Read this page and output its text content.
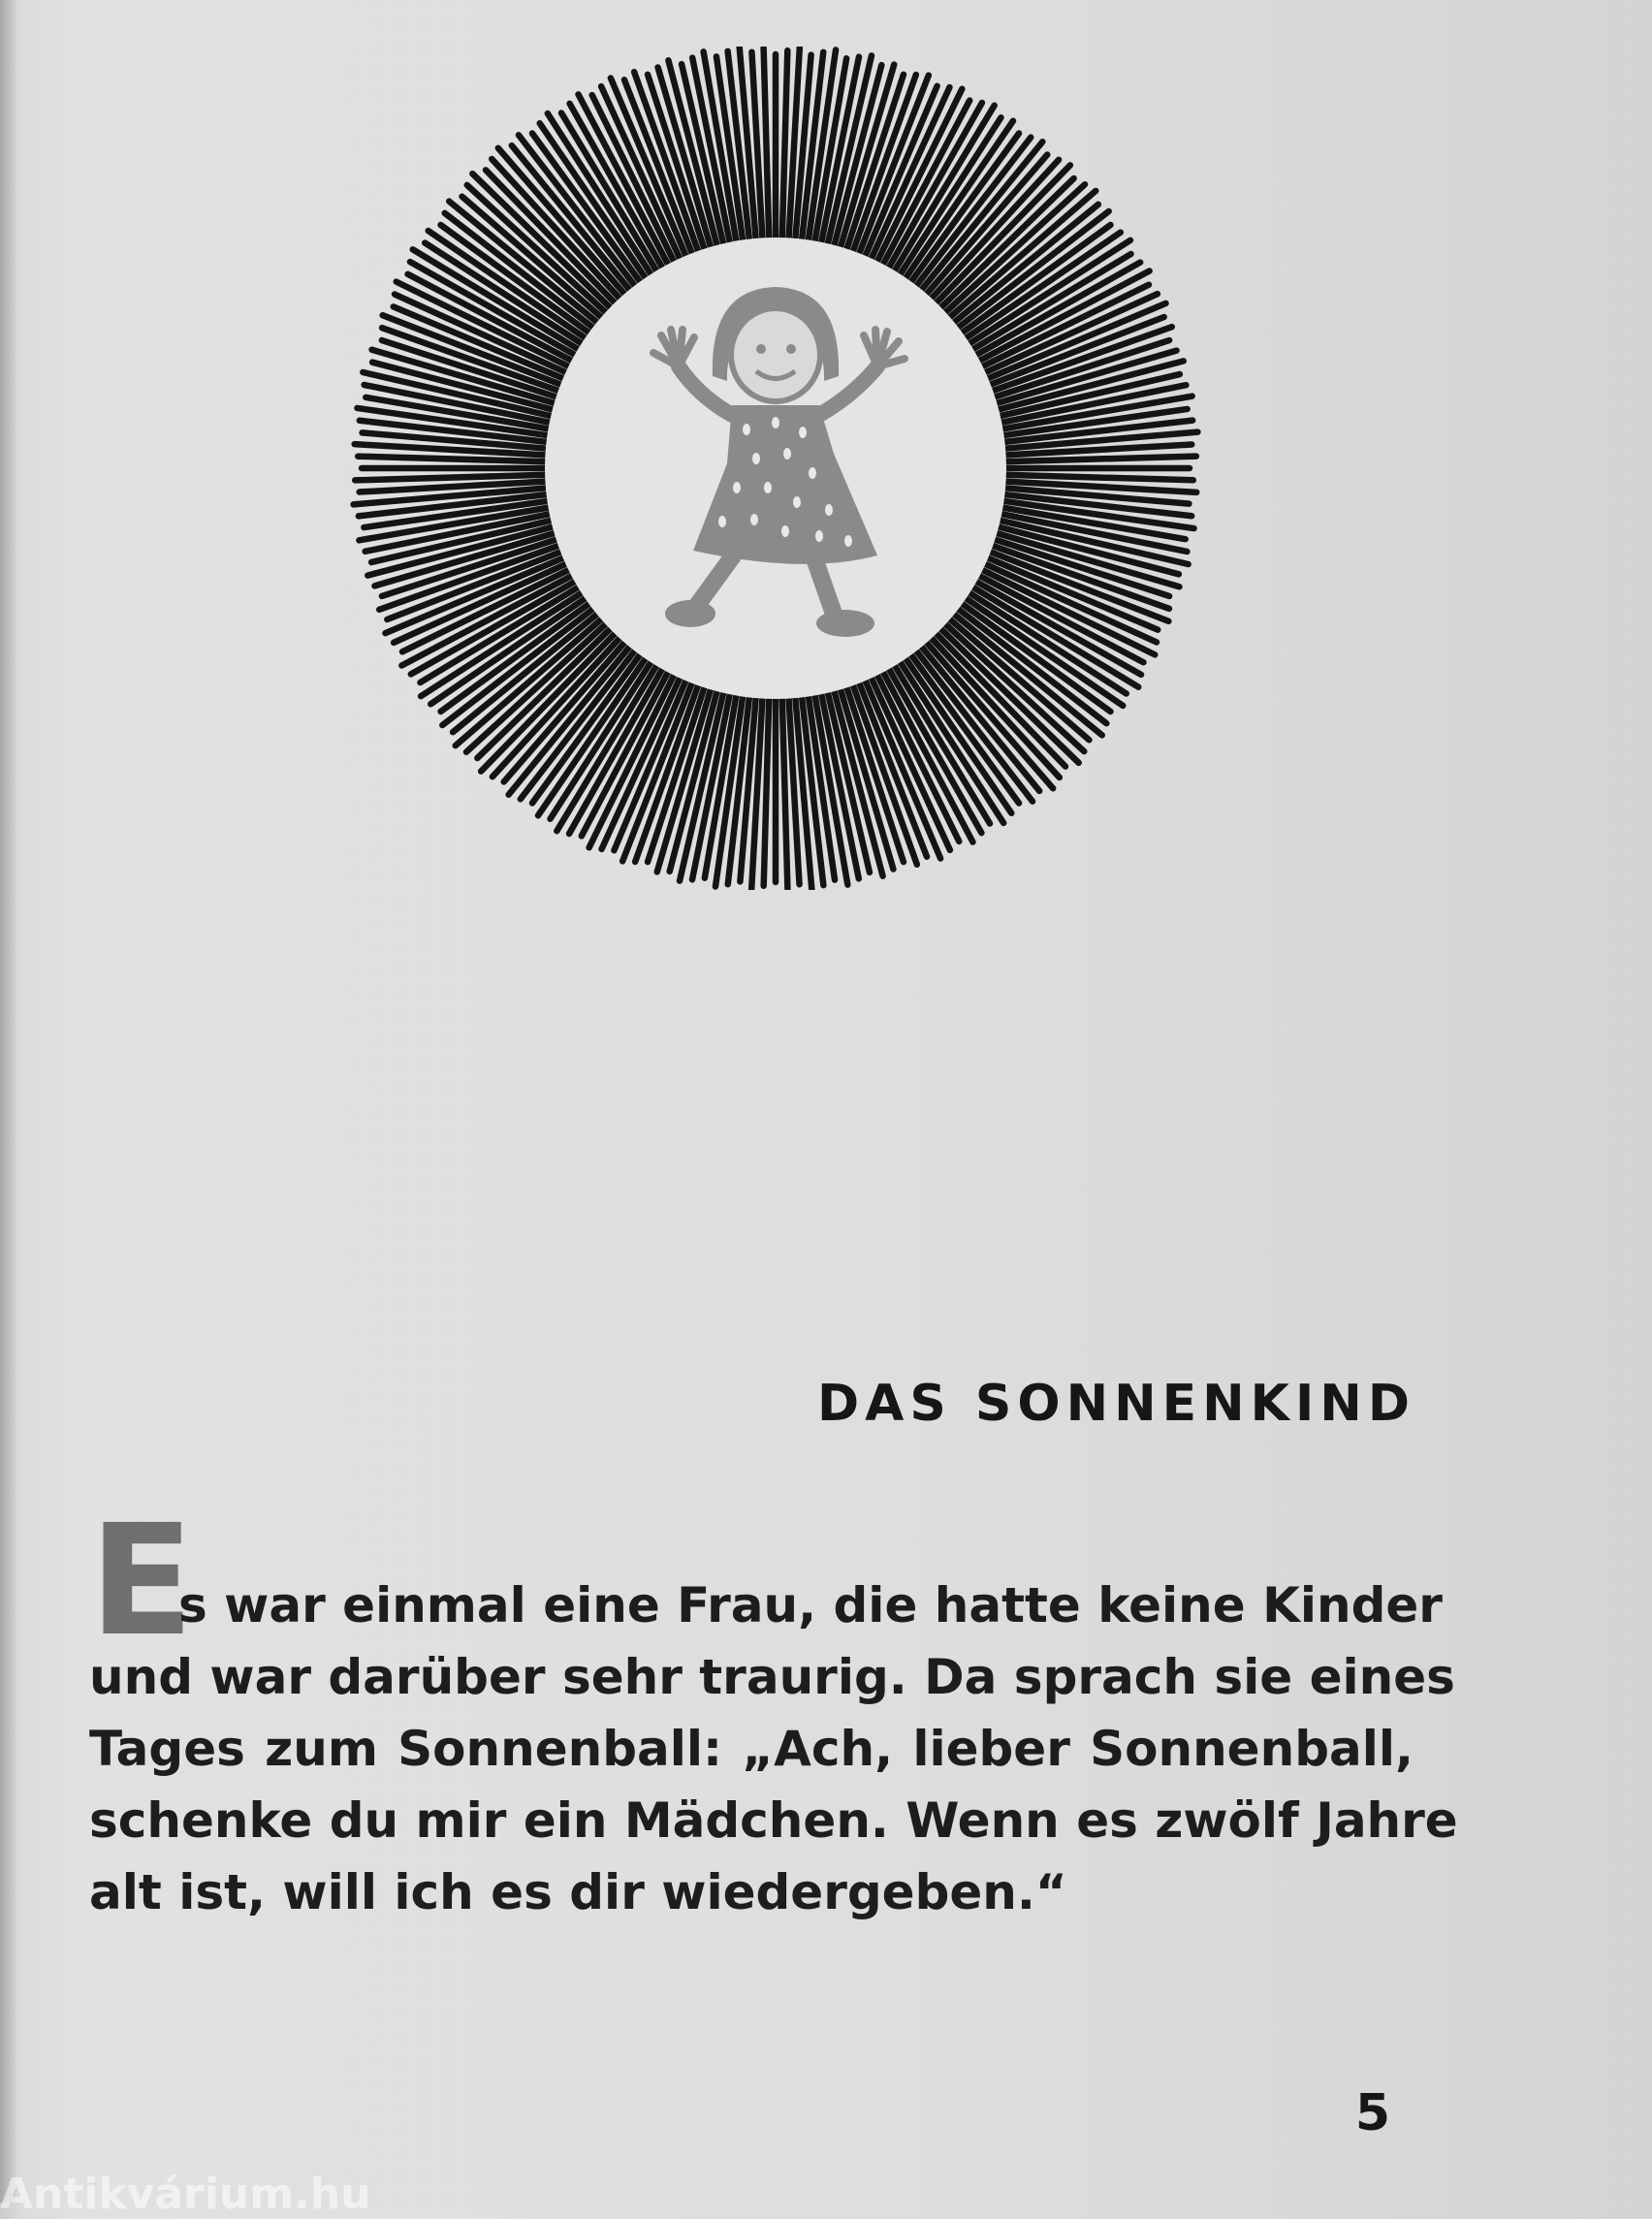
DAS SONNENKIND
E
s war einmal eine Frau, die hatte keine Kinder
und war darüber sehr traurig. Da sprach sie eines
Tages zum Sonnenball: „Ach, lieber Sonnenball,
schenke du mir ein Mädchen. Wenn es zwölf Jahre
alt ist, will ich es dir wiedergeben.“
5
Antikvárium.hu
